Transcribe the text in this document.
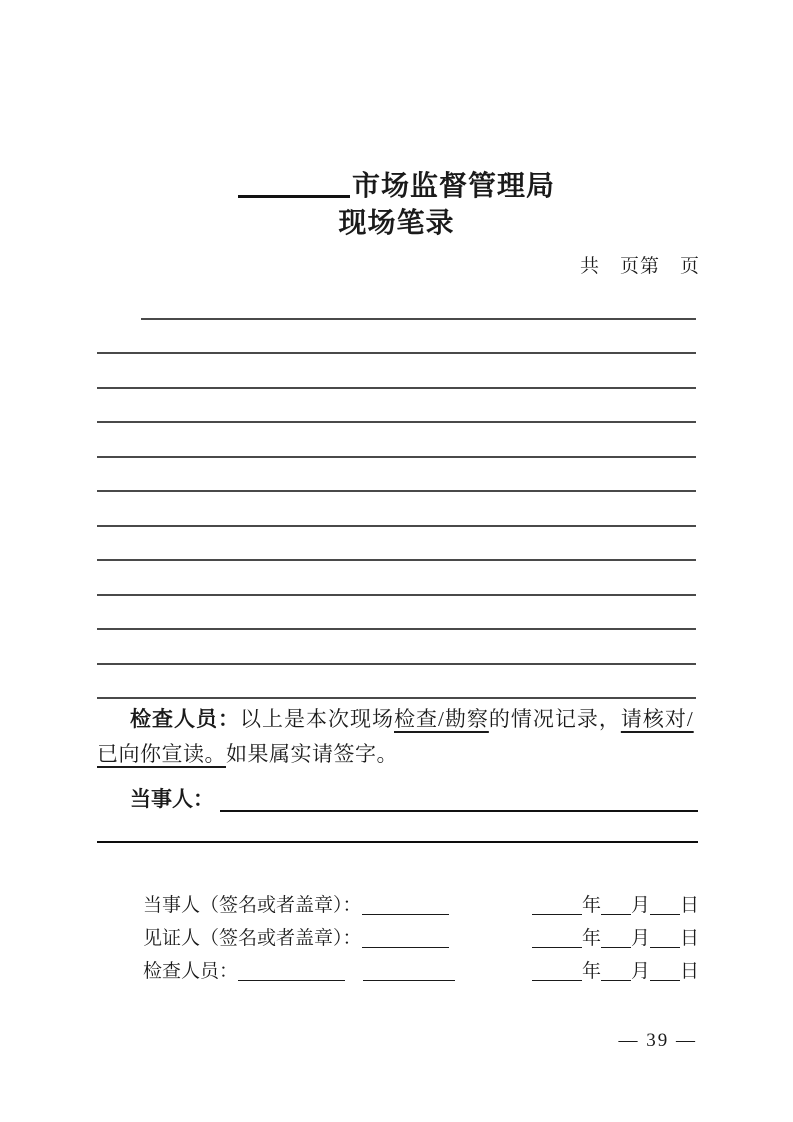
市场监督管理局
现场笔录
共　页第　页
检查人员：以上是本次现场检查/勘察的情况记录，请核对/
已向你宣读。如果属实请签字。
当事人：
当事人（签名或者盖章）：	年 月 日
见证人（签名或者盖章）：	年 月 日
检查人员：	年 月 日
— 39 —
